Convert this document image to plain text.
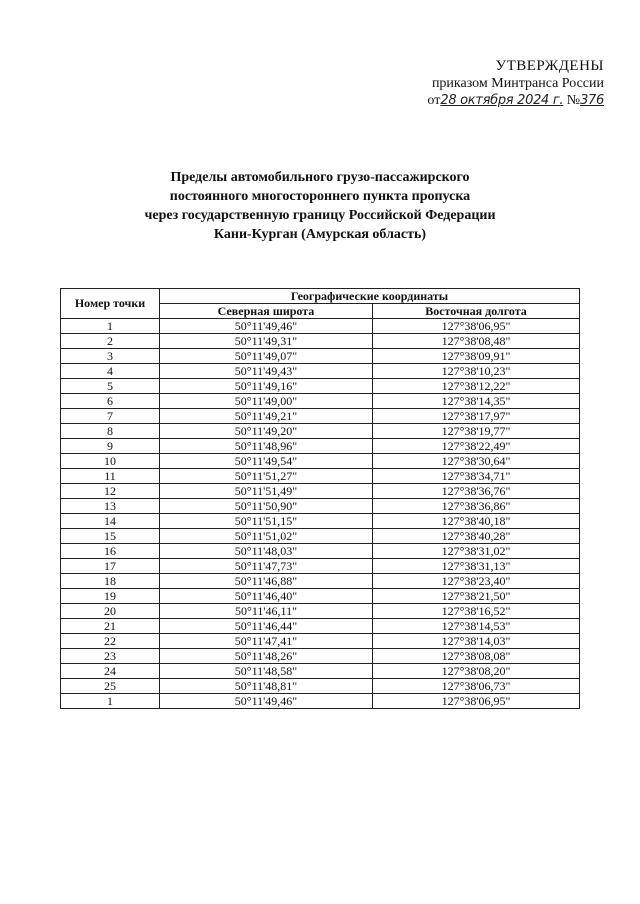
УТВЕРЖДЕНЫ
приказом Минтранса России
от28 октября 2024 г. №376
Пределы автомобильного грузо-пассажирского
постоянного многостороннего пункта пропуска
через государственную границу Российской Федерации
Кани-Курган (Амурская область)
Номер точки	Географические координаты	
	Северная широта	Восточная долгота
1	50°11'49,46"	127°38'06,95"
2	50°11'49,31"	127°38'08,48"
3	50°11'49,07"	127°38'09,91"
4	50°11'49,43"	127°38'10,23"
5	50°11'49,16"	127°38'12,22"
6	50°11'49,00"	127°38'14,35"
7	50°11'49,21"	127°38'17,97"
8	50°11'49,20"	127°38'19,77"
9	50°11'48,96"	127°38'22,49"
10	50°11'49,54"	127°38'30,64"
11	50°11'51,27"	127°38'34,71"
12	50°11'51,49"	127°38'36,76"
13	50°11'50,90"	127°38'36,86"
14	50°11'51,15"	127°38'40,18"
15	50°11'51,02"	127°38'40,28"
16	50°11'48,03"	127°38'31,02"
17	50°11'47,73"	127°38'31,13"
18	50°11'46,88"	127°38'23,40"
19	50°11'46,40"	127°38'21,50"
20	50°11'46,11"	127°38'16,52"
21	50°11'46,44"	127°38'14,53"
22	50°11'47,41"	127°38'14,03"
23	50°11'48,26"	127°38'08,08"
24	50°11'48,58"	127°38'08,20"
25	50°11'48,81"	127°38'06,73"
1	50°11'49,46"	127°38'06,95"
